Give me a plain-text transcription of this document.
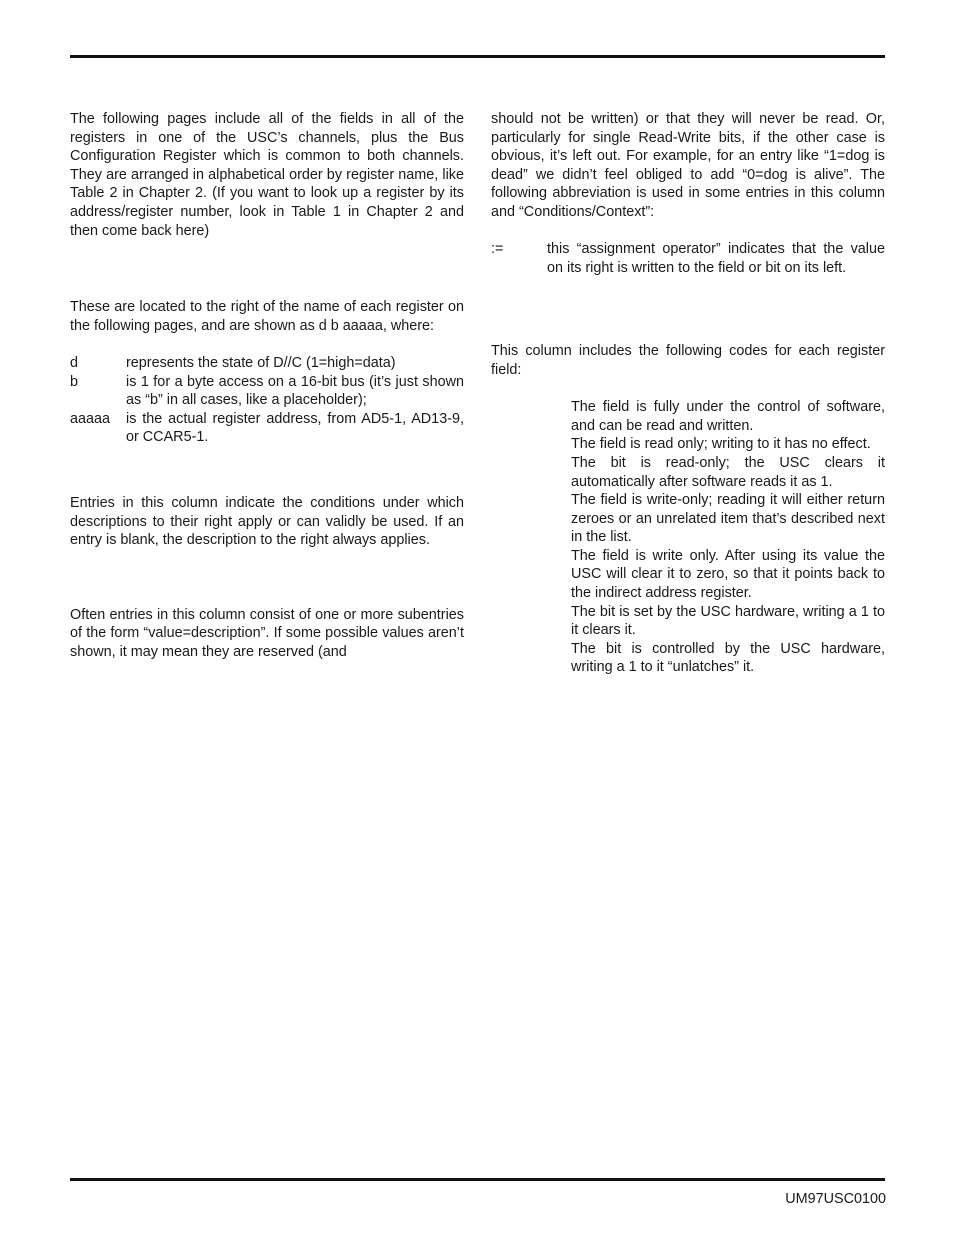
The following pages include all of the fields in all of the registers in one of the USC’s channels, plus the Bus Configuration Register which is common to both channels. They are arranged in alphabetical order by register name, like Table 2 in Chapter 2. (If you want to look up a register by its address/register number, look in Table 1 in Chapter 2 and then come back here)

These are located to the right of the name of each register on the following pages, and are shown as d b aaaaa, where:

d	represents the state of D//C (1=high=data)
b	is 1 for a byte access on a 16-bit bus (it’s just shown as “b” in all cases, like a placeholder);
aaaaa	is the actual register address, from AD5-1, AD13-9, or CCAR5-1.

Entries in this column indicate the conditions under which descriptions to their right apply or can validly be used. If an entry is blank, the description to the right always applies.

Often entries in this column consist of one or more subentries of the form “value=description”. If some possible values aren’t shown, it may mean they are reserved (and

should not be written) or that they will never be read. Or, particularly for single Read-Write bits, if the other case is obvious, it’s left out. For example, for an entry like “1=dog is dead” we didn’t feel obliged to add “0=dog is alive”. The following abbreviation is used in some entries in this column and “Conditions/Context”:

:=	this “assignment operator” indicates that the value on its right is written to the field or bit on its left.

This column includes the following codes for each register field:

The field is fully under the control of software, and can be read and written.

The field is read only; writing to it has no effect.

The bit is read-only; the USC clears it automatically after software reads it as 1.

The field is write-only; reading it will either return zeroes or an unrelated item that’s described next in the list.

The field is write only. After using its value the USC will clear it to zero, so that it points back to the indirect address register.

The bit is set by the USC hardware, writing a 1 to it clears it.

The bit is controlled by the USC hardware, writing a 1 to it “unlatches” it.

UM97USC0100
